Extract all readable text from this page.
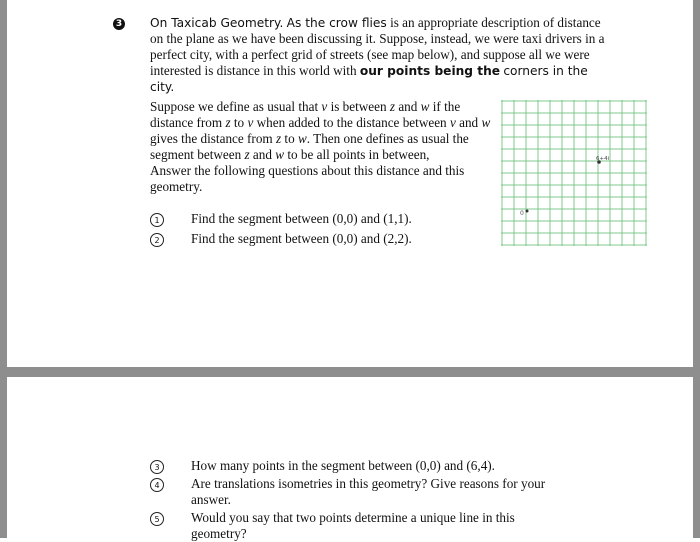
3 On Taxicab Geometry. As the crow flies is an appropriate description of distance on the plane as we have been discussing it. Suppose, instead, we were taxi drivers in a perfect city, with a perfect grid of streets (see map below), and suppose all we were interested is distance in this world with our points being the corners in the city.

Suppose we define as usual that v is between z and w if the distance from z to v when added to the distance between v and w gives the distance from z to w. Then one defines as usual the segment between z and w to be all points in between,
Answer the following questions about this distance and this geometry.

1	Find the segment between (0,0) and (1,1).
2	Find the segment between (0,0) and (2,2).
3	How many points in the segment between (0,0) and (6,4).
4	Are translations isometries in this geometry? Give reasons for your answer.
5	Would you say that two points determine a unique line in this geometry?
0
6+4i
